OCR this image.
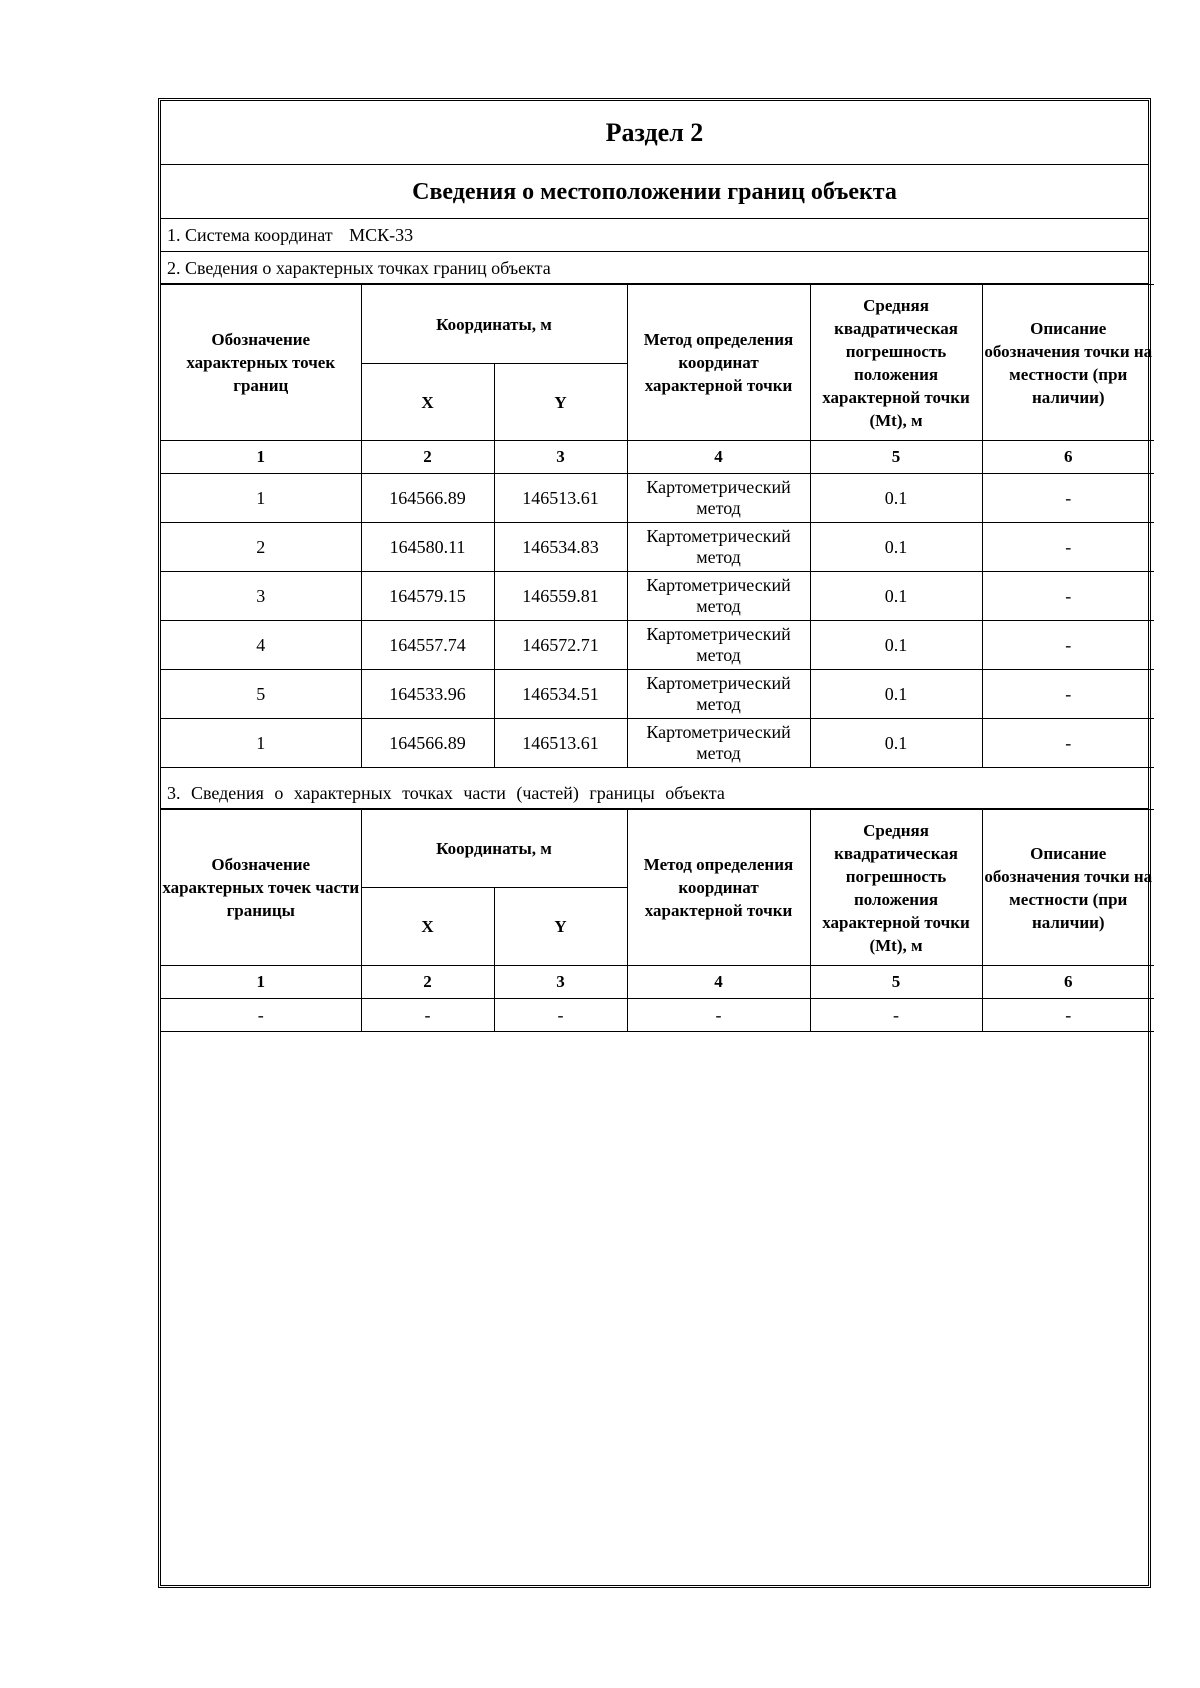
Раздел 2
Сведения о местоположении границ объекта
1. Система координат МСК-33
2. Сведения о характерных точках границ объекта
Обозначение характерных точек границ	Координаты, м		Метод определения координат характерной точки	Средняя квадратическая погрешность положения характерной точки (Mt), м	Описание обозначения точки на местности (при наличии)
	X	Y			
1	2	3	4	5	6
1	164566.89	146513.61	Картометрический метод	0.1	-
2	164580.11	146534.83	Картометрический метод	0.1	-
3	164579.15	146559.81	Картометрический метод	0.1	-
4	164557.74	146572.71	Картометрический метод	0.1	-
5	164533.96	146534.51	Картометрический метод	0.1	-
1	164566.89	146513.61	Картометрический метод	0.1	-
3. Сведения о характерных точках части (частей) границы объекта
Обозначение характерных точек части границы	Координаты, м		Метод определения координат характерной точки	Средняя квадратическая погрешность положения характерной точки (Mt), м	Описание обозначения точки на местности (при наличии)
	X	Y			
1	2	3	4	5	6
-	-	-	-	-	-
